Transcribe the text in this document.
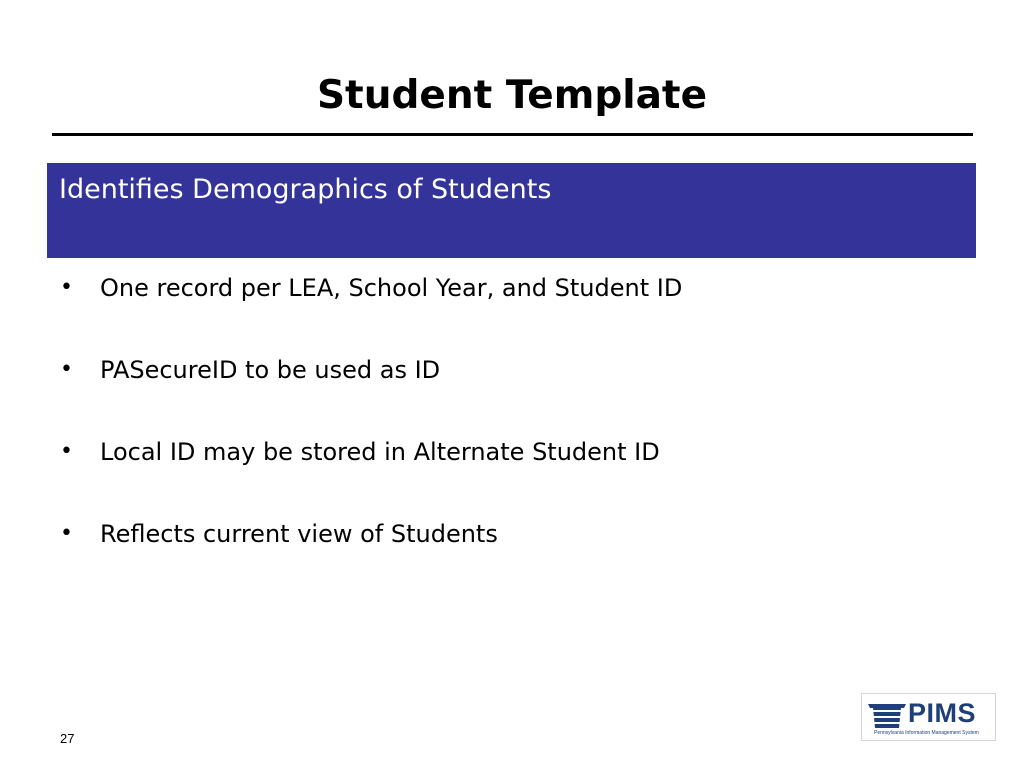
Student Template
Identifies Demographics of Students
• One record per LEA, School Year, and Student ID
• PASecureID to be used as ID
• Local ID may be stored in Alternate Student ID
• Reflects current view of Students
27
PIMS
Pennsylvania Information Management System
